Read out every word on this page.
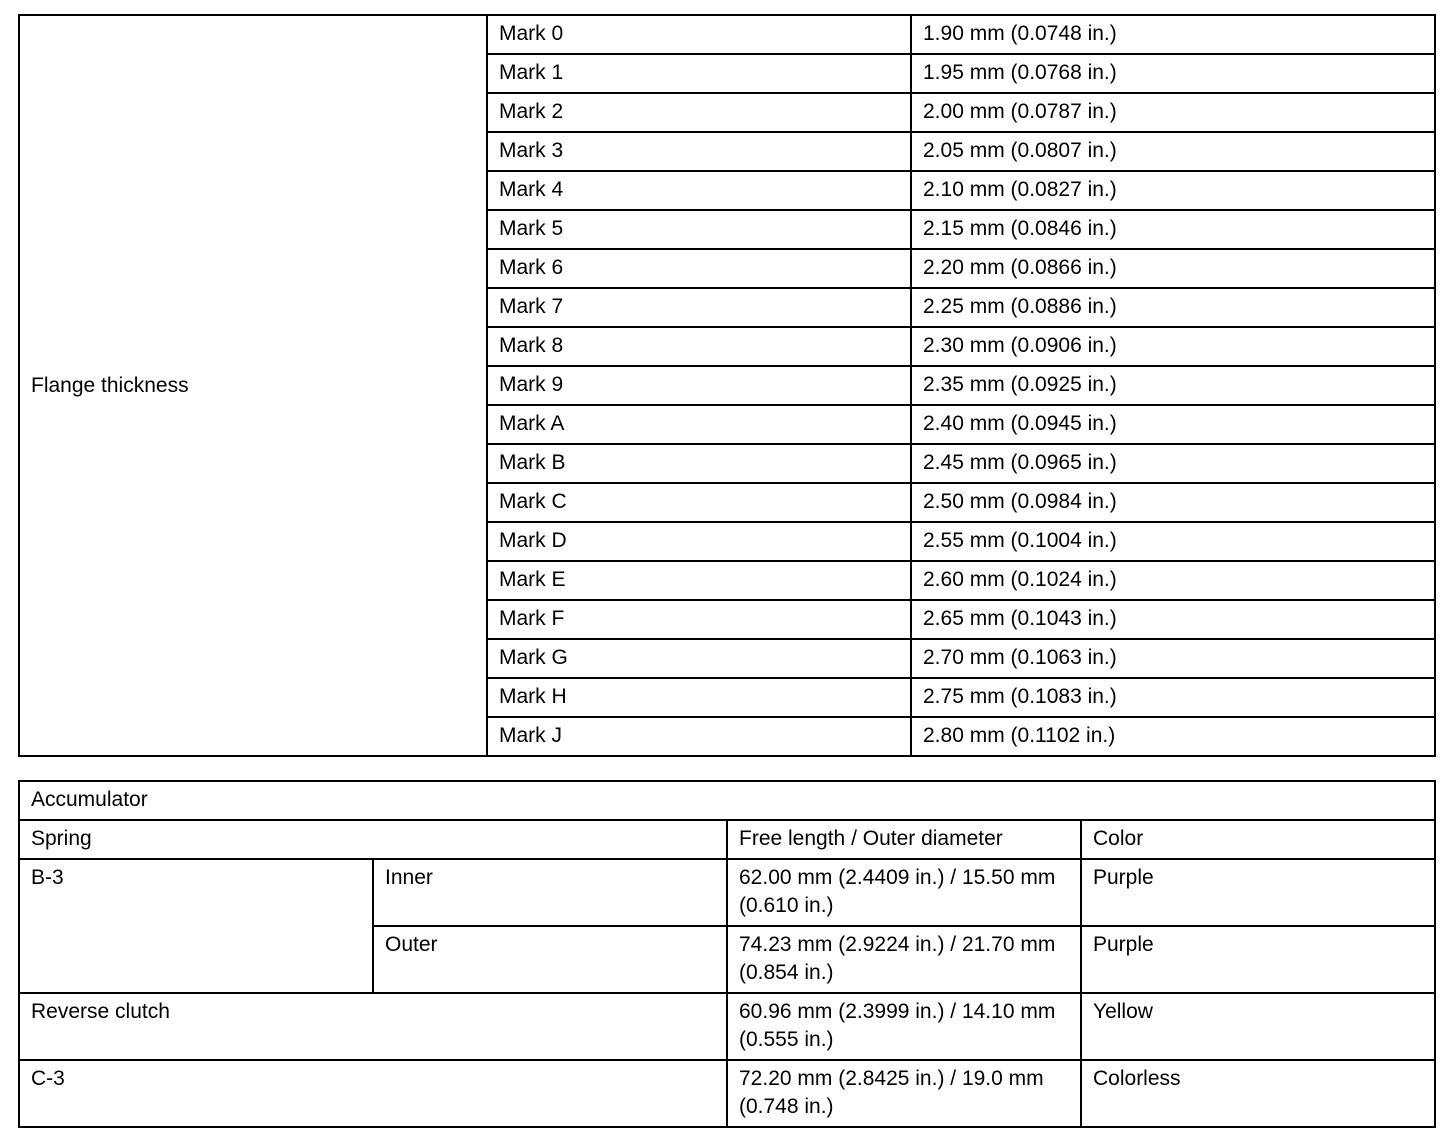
Flange thickness	Mark 0	1.90 mm (0.0748 in.)
	Mark 1	1.95 mm (0.0768 in.)
	Mark 2	2.00 mm (0.0787 in.)
	Mark 3	2.05 mm (0.0807 in.)
	Mark 4	2.10 mm (0.0827 in.)
	Mark 5	2.15 mm (0.0846 in.)
	Mark 6	2.20 mm (0.0866 in.)
	Mark 7	2.25 mm (0.0886 in.)
	Mark 8	2.30 mm (0.0906 in.)
	Mark 9	2.35 mm (0.0925 in.)
	Mark A	2.40 mm (0.0945 in.)
	Mark B	2.45 mm (0.0965 in.)
	Mark C	2.50 mm (0.0984 in.)
	Mark D	2.55 mm (0.1004 in.)
	Mark E	2.60 mm (0.1024 in.)
	Mark F	2.65 mm (0.1043 in.)
	Mark G	2.70 mm (0.1063 in.)
	Mark H	2.75 mm (0.1083 in.)
	Mark J	2.80 mm (0.1102 in.)
Accumulator			
Spring		Free length / Outer diameter	Color
B-3	Inner	62.00 mm (2.4409 in.) / 15.50 mm (0.610 in.)	Purple
	Outer	74.23 mm (2.9224 in.) / 21.70 mm (0.854 in.)	Purple
Reverse clutch		60.96 mm (2.3999 in.) / 14.10 mm (0.555 in.)	Yellow
C-3		72.20 mm (2.8425 in.) / 19.0 mm (0.748 in.)	Colorless
